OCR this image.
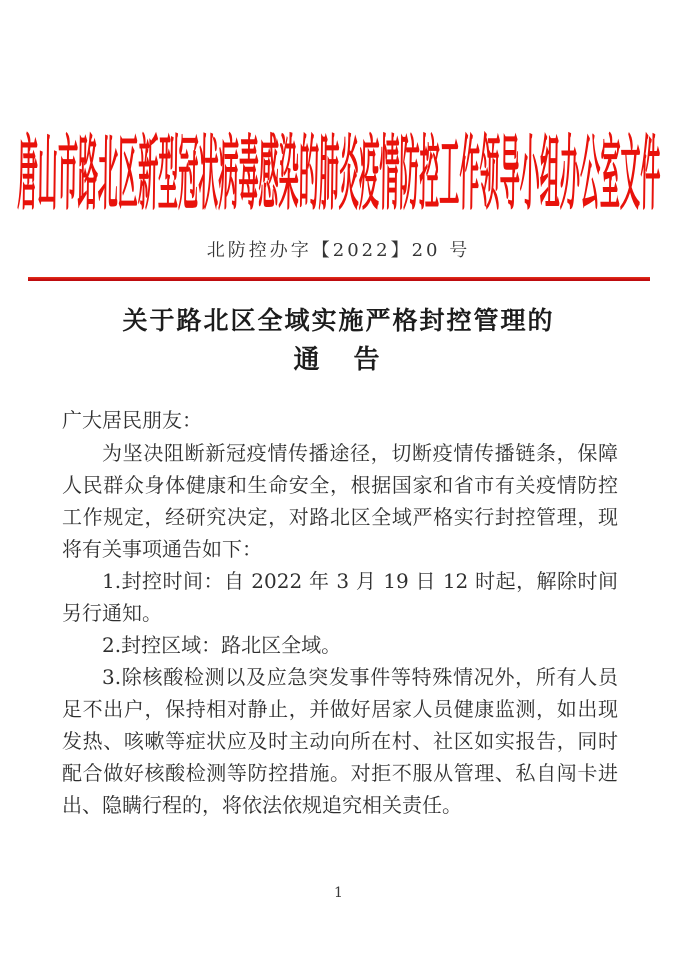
唐山市路北区新型冠状病毒感染的肺炎疫情防控工作领导小组办公室文件
北防控办字【2022】20 号
关于路北区全域实施严格封控管理的
通　告

广大居民朋友：

为坚决阻断新冠疫情传播途径，切断疫情传播链条，保障人民群众身体健康和生命安全，根据国家和省市有关疫情防控工作规定，经研究决定，对路北区全域严格实行封控管理，现将有关事项通告如下：

1.封控时间：自 2022 年 3 月 19 日 12 时起，解除时间另行通知。

2.封控区域：路北区全域。

3.除核酸检测以及应急突发事件等特殊情况外，所有人员足不出户，保持相对静止，并做好居家人员健康监测，如出现发热、咳嗽等症状应及时主动向所在村、社区如实报告，同时配合做好核酸检测等防控措施。对拒不服从管理、私自闯卡进出、隐瞒行程的，将依法依规追究相关责任。

1
